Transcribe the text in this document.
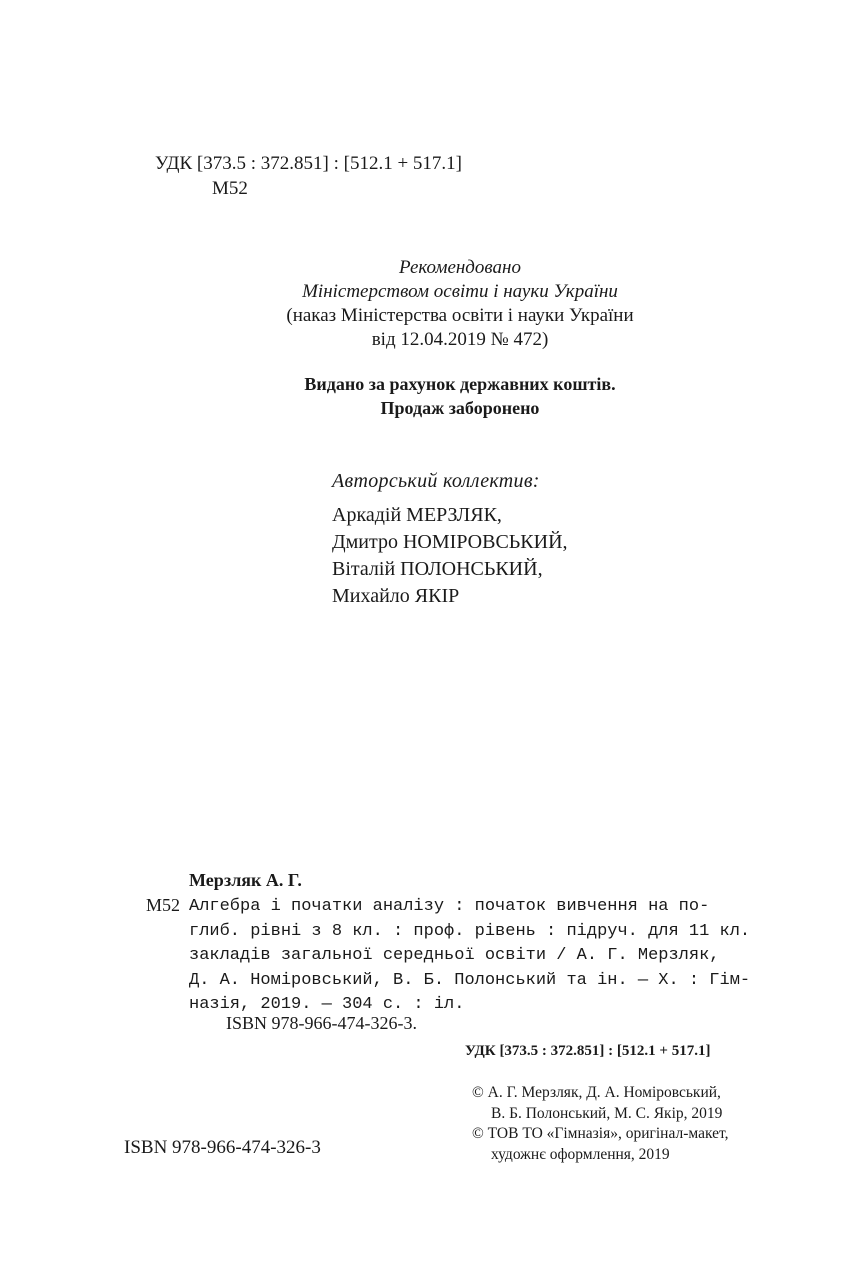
УДК [373.5 : 372.851] : [512.1 + 517.1]
М52
Рекомендовано
Міністерством освіти і науки України
(наказ Міністерства освіти і науки України
від 12.04.2019 № 472)
Видано за рахунок державних коштів.
Продаж заборонено
Авторський коллектив:
Аркадій МЕРЗЛЯК,
Дмитро НОМІРОВСЬКИЙ,
Віталій ПОЛОНСЬКИЙ,
Михайло ЯКІР
Мерзляк А. Г.
М52 Алгебра і початки аналізу : початок вивчення на по-
глиб. рівні з 8 кл. : проф. рівень : підруч. для 11 кл.
закладів загальної середньої освіти / А. Г. Мерзляк,
Д. А. Номіровський, В. Б. Полонський та ін. — Х. : Гім-
назія, 2019. — 304 с. : іл.
ISBN 978-966-474-326-3.
УДК [373.5 : 372.851] : [512.1 + 517.1]
© А. Г. Мерзляк, Д. А. Номіровський,
В. Б. Полонський, М. С. Якір, 2019
© ТОВ ТО «Гімназія», оригінал-макет,
художнє оформлення, 2019
ISBN 978-966-474-326-3
